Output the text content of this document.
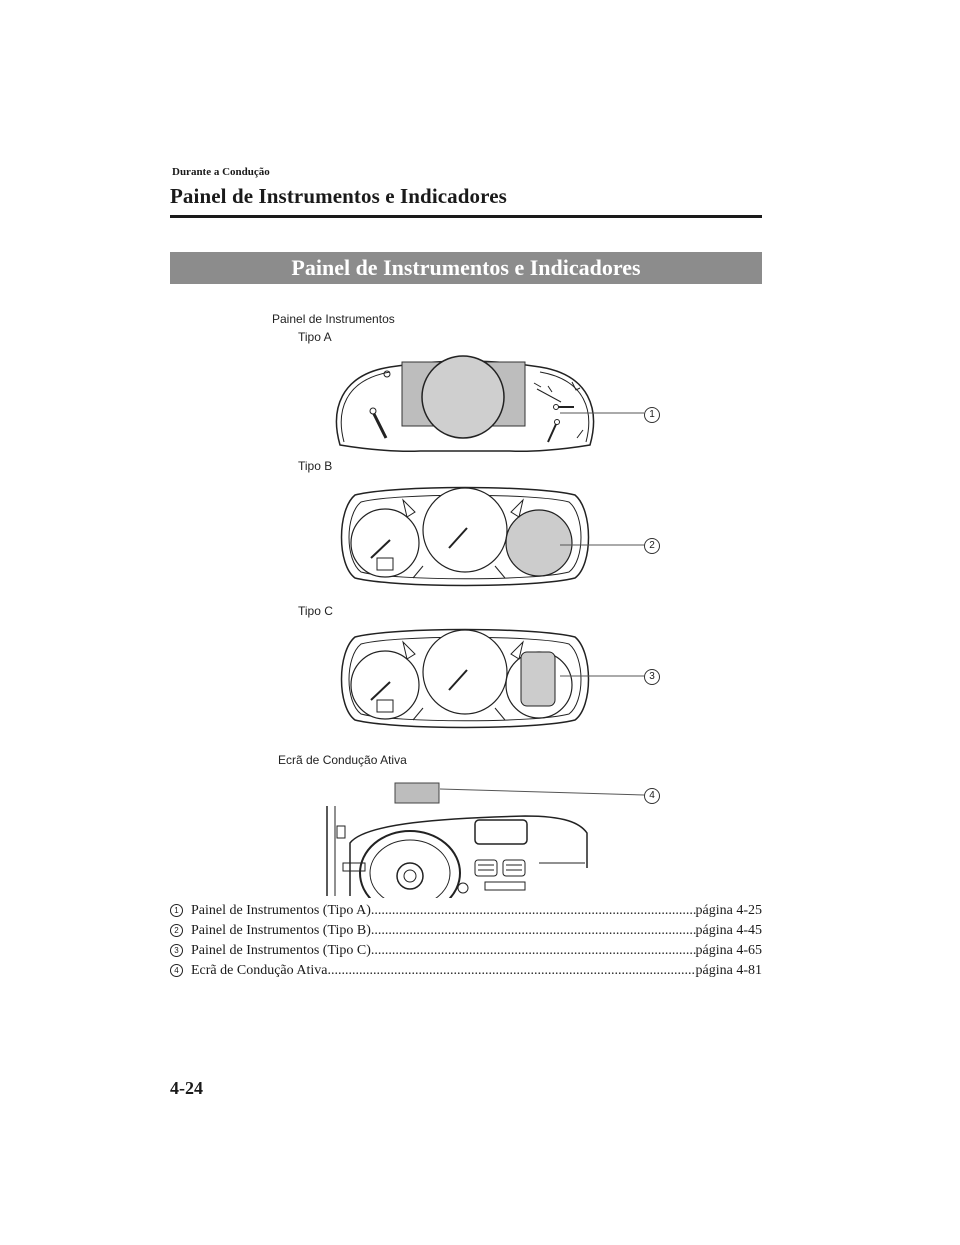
Durante a Condução
Painel de Instrumentos e Indicadores
Painel de Instrumentos e Indicadores
Painel de Instrumentos
Tipo A
Tipo B
Tipo C
Ecrã de Condução Ativa
1
2
3
4
1 Painel de Instrumentos (Tipo A) .....	página 4-25
2 Painel de Instrumentos (Tipo B) .....	página 4-45
3 Painel de Instrumentos (Tipo C) .....	página 4-65
4 Ecrã de Condução Ativa .....	página 4-81
4-24
